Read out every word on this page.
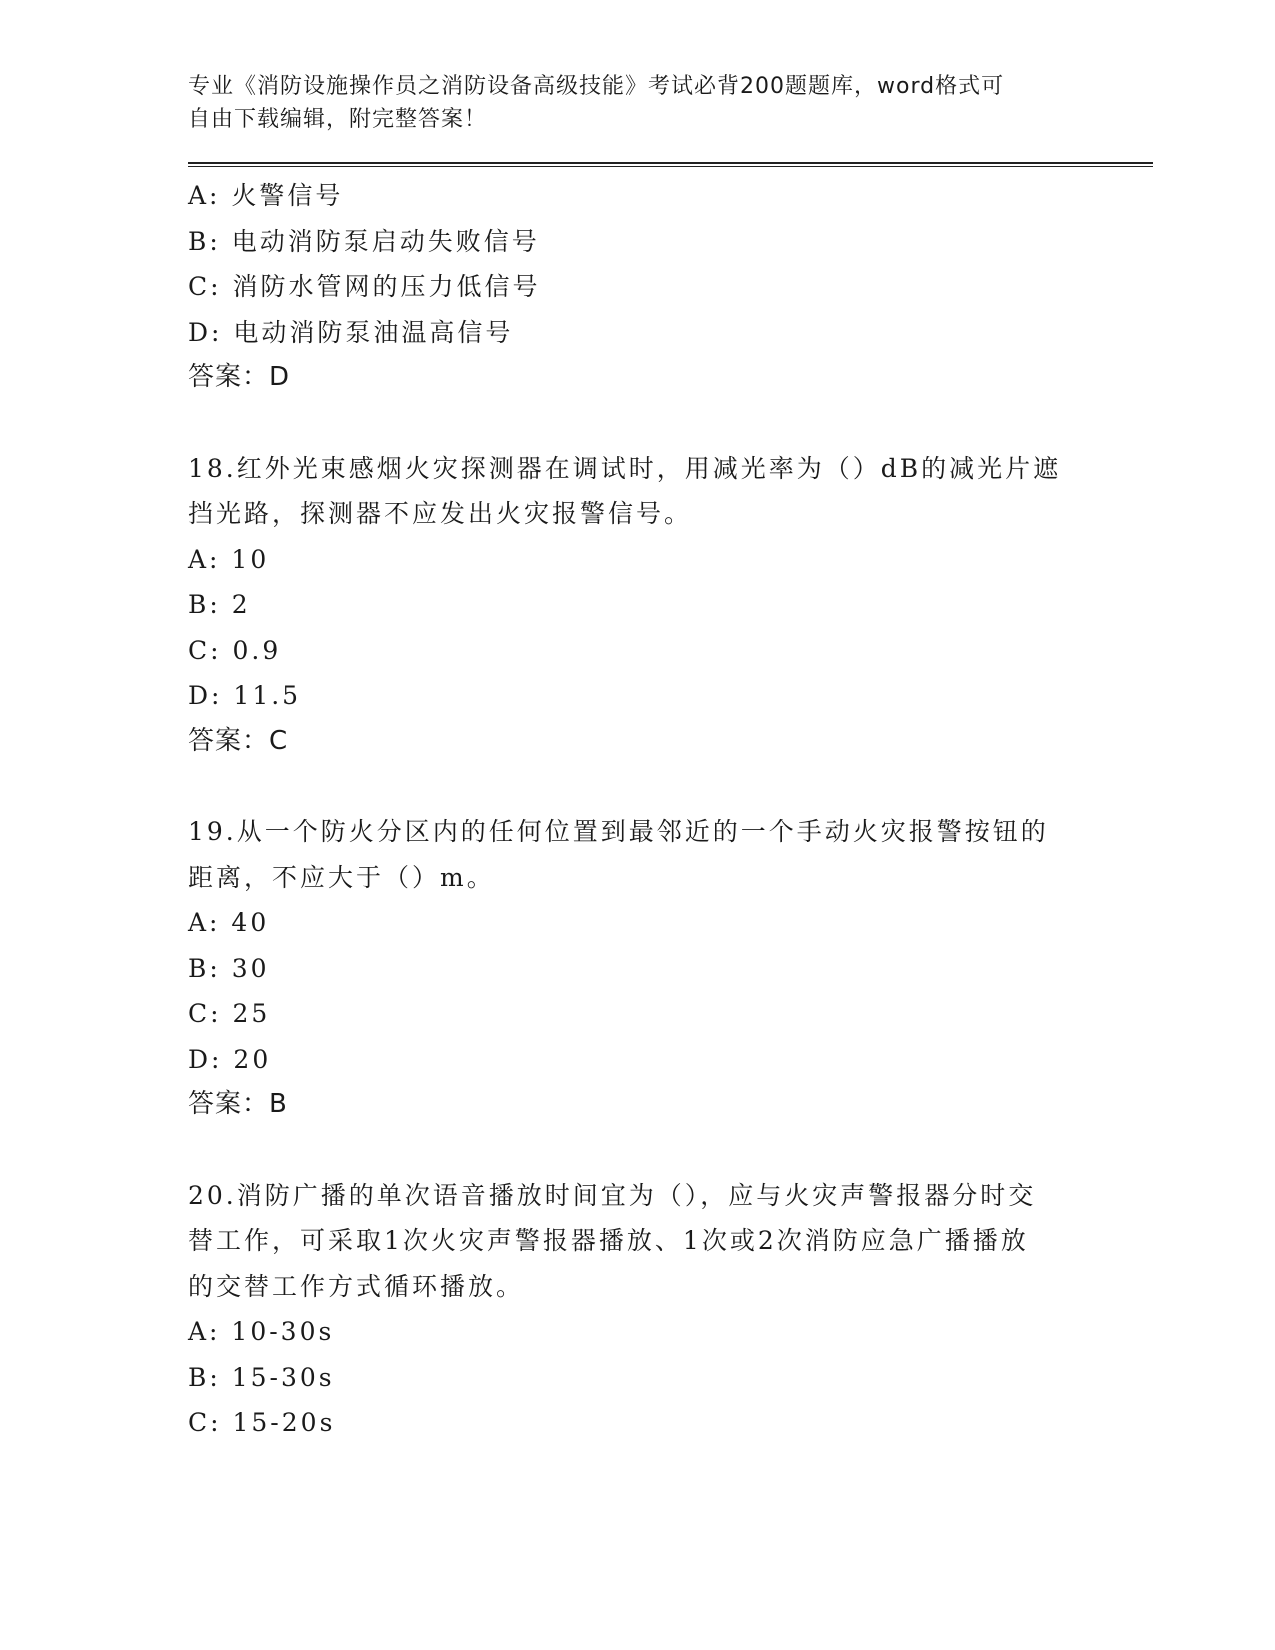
专业《消防设施操作员之消防设备高级技能》考试必背200题题库，word格式可
自由下载编辑，附完整答案！
A: 火警信号
B: 电动消防泵启动失败信号
C: 消防水管网的压力低信号
D: 电动消防泵油温高信号
答案：D
18.红外光束感烟火灾探测器在调试时，用减光率为（）dB的减光片遮
挡光路，探测器不应发出火灾报警信号。
A: 10
B: 2
C: 0.9
D: 11.5
答案：C
19.从一个防火分区内的任何位置到最邻近的一个手动火灾报警按钮的
距离，不应大于（）m。
A: 40
B: 30
C: 25
D: 20
答案：B
20.消防广播的单次语音播放时间宜为（），应与火灾声警报器分时交
替工作，可采取1次火灾声警报器播放、1次或2次消防应急广播播放
的交替工作方式循环播放。
A: 10-30s
B: 15-30s
C: 15-20s
